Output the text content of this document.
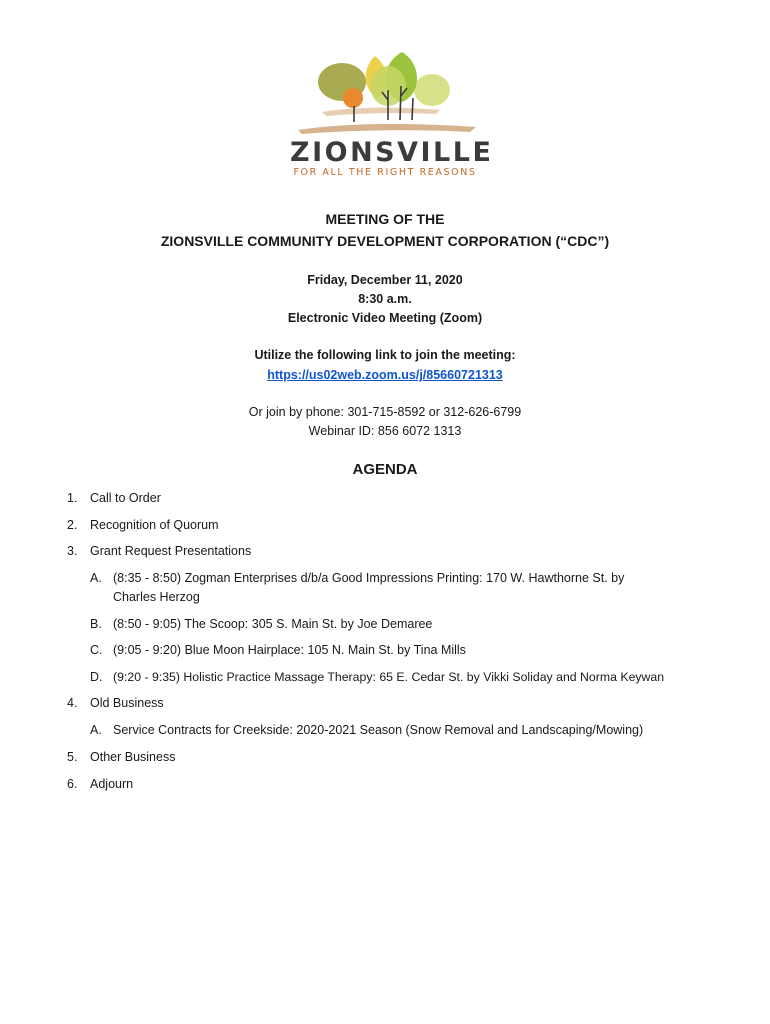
ZIONSVILLE
FOR ALL THE RIGHT REASONS
MEETING OF THE
ZIONSVILLE COMMUNITY DEVELOPMENT CORPORATION (“CDC”)
Friday, December 11, 2020
8:30 a.m.
Electronic Video Meeting (Zoom)
Utilize the following link to join the meeting:
https://us02web.zoom.us/j/85660721313
Or join by phone: 301-715-8592 or 312-626-6799
Webinar ID: 856 6072 1313
AGENDA
1. Call to Order
2. Recognition of Quorum
3. Grant Request Presentations
A. (8:35 - 8:50) Zogman Enterprises d/b/a Good Impressions Printing: 170 W. Hawthorne St. by
Charles Herzog
B. (8:50 - 9:05) The Scoop: 305 S. Main St. by Joe Demaree
C. (9:05 - 9:20) Blue Moon Hairplace: 105 N. Main St. by Tina Mills
D. (9:20 - 9:35) Holistic Practice Massage Therapy: 65 E. Cedar St. by Vikki Soliday and Norma Keywan
4. Old Business
A. Service Contracts for Creekside: 2020-2021 Season (Snow Removal and Landscaping/Mowing)
5. Other Business
6. Adjourn
